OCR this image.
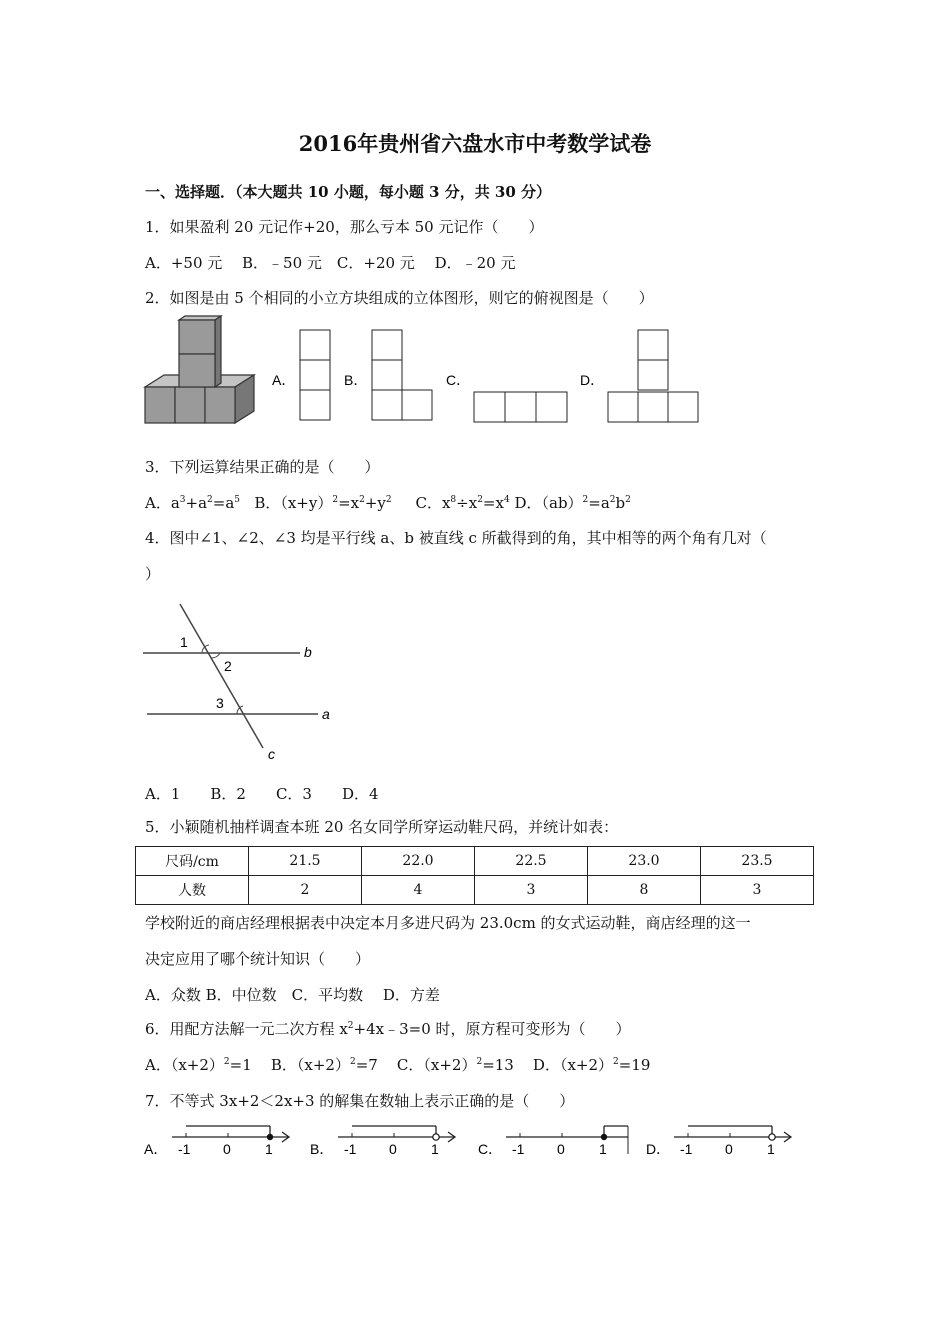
2016年贵州省六盘水市中考数学试卷
一、选择题．（本大题共 10 小题，每小题 3 分，共 30 分）
1．如果盈利 20 元记作+20，那么亏本 50 元记作（　　）
A．+50 元　 B．﹣50 元　C．+20 元　 D．﹣20 元
2．如图是由 5 个相同的小立方块组成的立体图形，则它的俯视图是（　　）
A．	B．	C．	D．
3．下列运算结果正确的是（　　）
A．$a^3+a^2=a^5$ B．$(x+y)^2=x^2+y^2$ C．$x^8\div x^2=x^4$ D．$(ab)^2=a^2b^2$
4．图中∠1、∠2、∠3 均是平行线 a、b 被直线 c 所截得到的角，其中相等的两个角有几对（
）
1
2
3
b
a
c
A．1　　B．2　　C．3　　D．4
5．小颖随机抽样调查本班 20 名女同学所穿运动鞋尺码，并统计如表：
尺码/cm	21.5	22.0	22.5	23.0	23.5
人数	2	4	3	8	3
学校附近的商店经理根据表中决定本月多进尺码为 23.0cm 的女式运动鞋，商店经理的这一
决定应用了哪个统计知识（　　）
A．众数 B．中位数　C．平均数　 D．方差
6．用配方法解一元二次方程 $x^2+4x﹣3=0$ 时，原方程可变形为（　　）
A．$(x+2)^2=1$ B．$(x+2)^2=7$ C．$(x+2)^2=13$ D．$(x+2)^2=19$
7．不等式 3x+2＜2x+3 的解集在数轴上表示正确的是（　　）
A． -1 0 1	B． -1 0 1	C． -1 0 1	D． -1 0 1
